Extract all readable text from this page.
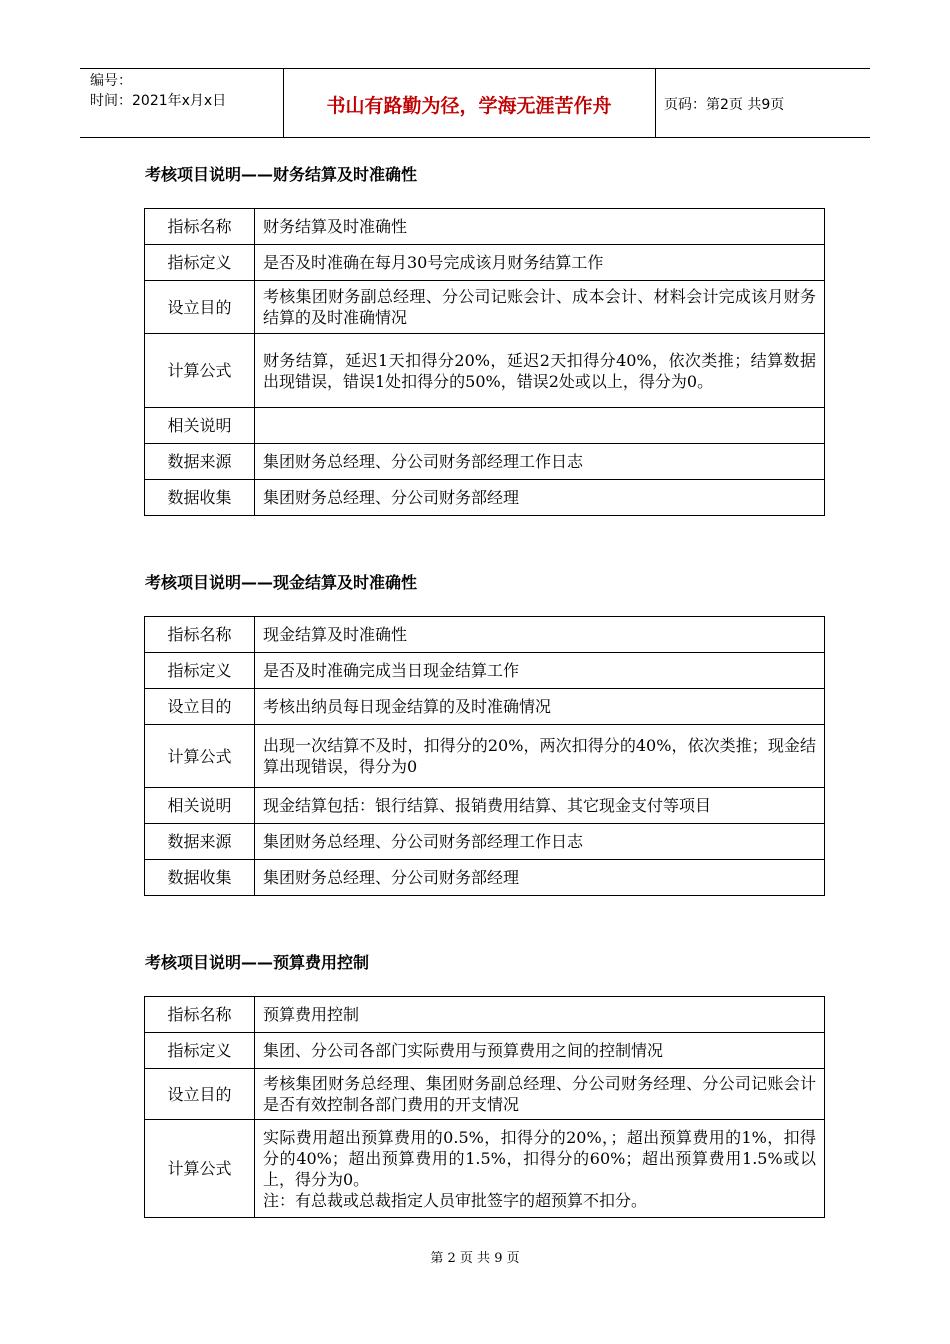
编号：
时间：2021年x月x日	书山有路勤为径，学海无涯苦作舟	页码：第2页 共9页
考核项目说明——财务结算及时准确性
指标名称	财务结算及时准确性
指标定义	是否及时准确在每月30号完成该月财务结算工作
设立目的	考核集团财务副总经理、分公司记账会计、成本会计、材料会计完成该月财务结算的及时准确情况
计算公式	财务结算，延迟1天扣得分20%，延迟2天扣得分40%，依次类推；结算数据出现错误，错误1处扣得分的50%，错误2处或以上，得分为0。
相关说明	
数据来源	集团财务总经理、分公司财务部经理工作日志
数据收集	集团财务总经理、分公司财务部经理
考核项目说明——现金结算及时准确性
指标名称	现金结算及时准确性
指标定义	是否及时准确完成当日现金结算工作
设立目的	考核出纳员每日现金结算的及时准确情况
计算公式	出现一次结算不及时，扣得分的20%，两次扣得分的40%，依次类推；现金结算出现错误，得分为0
相关说明	现金结算包括：银行结算、报销费用结算、其它现金支付等项目
数据来源	集团财务总经理、分公司财务部经理工作日志
数据收集	集团财务总经理、分公司财务部经理
考核项目说明——预算费用控制
指标名称	预算费用控制
指标定义	集团、分公司各部门实际费用与预算费用之间的控制情况
设立目的	考核集团财务总经理、集团财务副总经理、分公司财务经理、分公司记账会计是否有效控制各部门费用的开支情况
计算公式	实际费用超出预算费用的0.5%，扣得分的20%，；超出预算费用的1%，扣得分的40%；超出预算费用的1.5%，扣得分的60%；超出预算费用1.5%或以上，得分为0。
注：有总裁或总裁指定人员审批签字的超预算不扣分。
第 2 页 共 9 页
